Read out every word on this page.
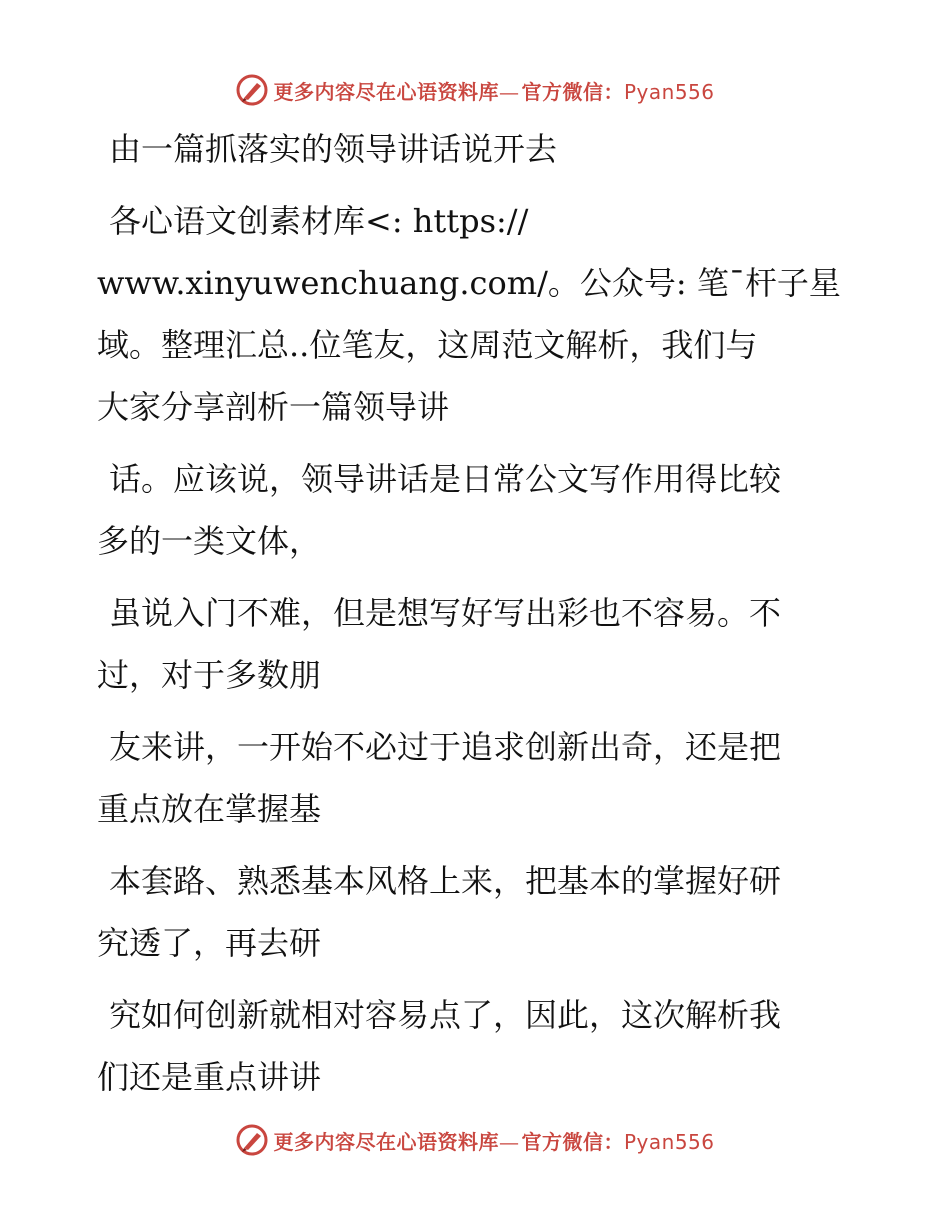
更多内容尽在心语资料库— 官方微信：Pyan556
由一篇抓落实的领导讲话说开去
各心语文创素材库<: https://
www.xinyuwenchuang.com/。公众号: 笔¯杆子星
域。整理汇总..位笔友，这周范文解析，我们与
大家分享剖析一篇领导讲
话。应该说，领导讲话是日常公文写作用得比较
多的一类文体，
虽说入门不难，但是想写好写出彩也不容易。不
过，对于多数朋
友来讲，一开始不必过于追求创新出奇，还是把
重点放在掌握基
本套路、熟悉基本风格上来，把基本的掌握好研
究透了，再去研
究如何创新就相对容易点了，因此，这次解析我
们还是重点讲讲
更多内容尽在心语资料库— 官方微信：Pyan556
